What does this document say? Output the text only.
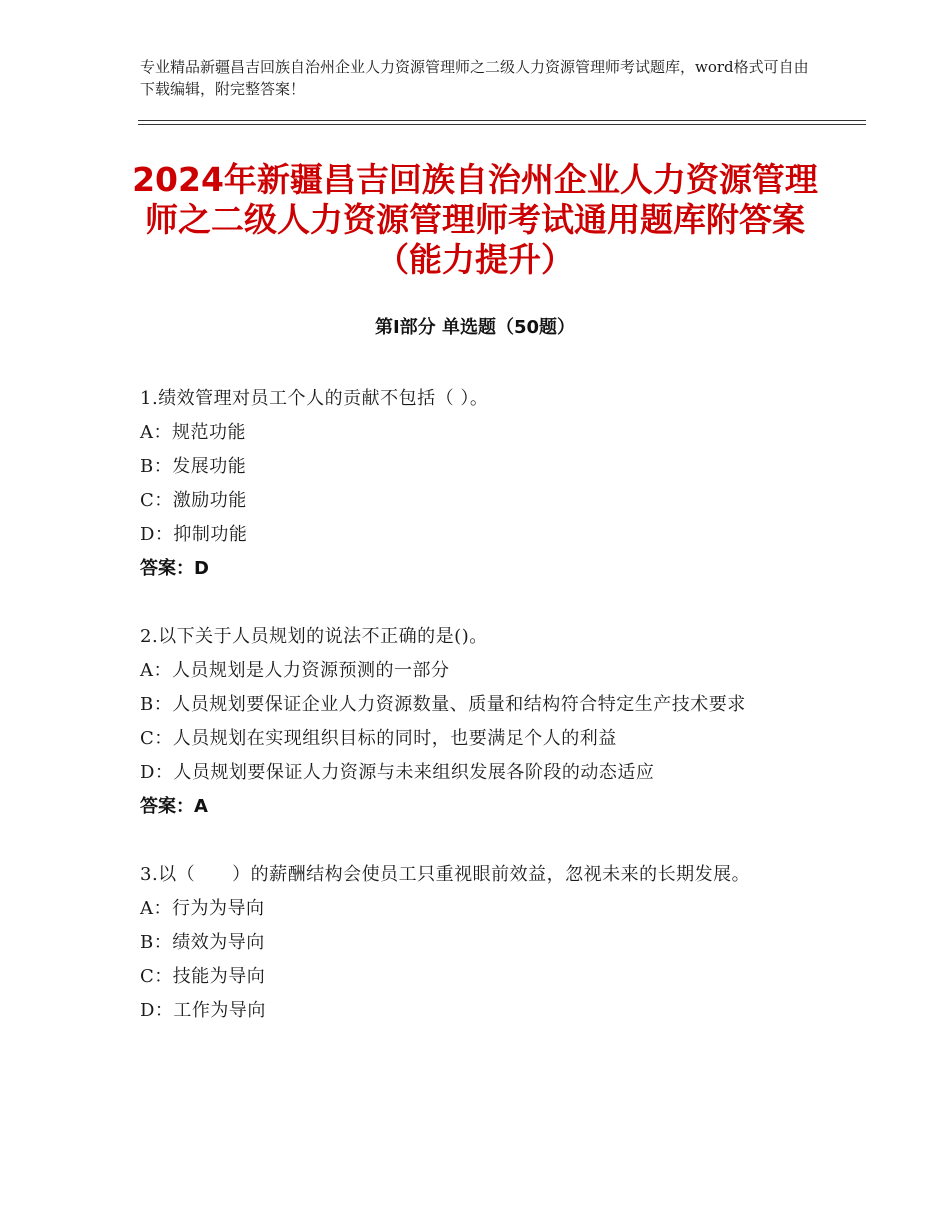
专业精品新疆昌吉回族自治州企业人力资源管理师之二级人力资源管理师考试题库，word格式可自由下载编辑，附完整答案！
2024年新疆昌吉回族自治州企业人力资源管理师之二级人力资源管理师考试通用题库附答案（能力提升）
第Ⅰ部分 单选题（50题）
1.绩效管理对员工个人的贡献不包括（ ）。
A：规范功能
B：发展功能
C：激励功能
D：抑制功能
答案：D
2.以下关于人员规划的说法不正确的是()。
A：人员规划是人力资源预测的一部分
B：人员规划要保证企业人力资源数量、质量和结构符合特定生产技术要求
C：人员规划在实现组织目标的同时，也要满足个人的利益
D：人员规划要保证人力资源与未来组织发展各阶段的动态适应
答案：A
3.以（　　）的薪酬结构会使员工只重视眼前效益，忽视未来的长期发展。
A：行为为导向
B：绩效为导向
C：技能为导向
D：工作为导向
